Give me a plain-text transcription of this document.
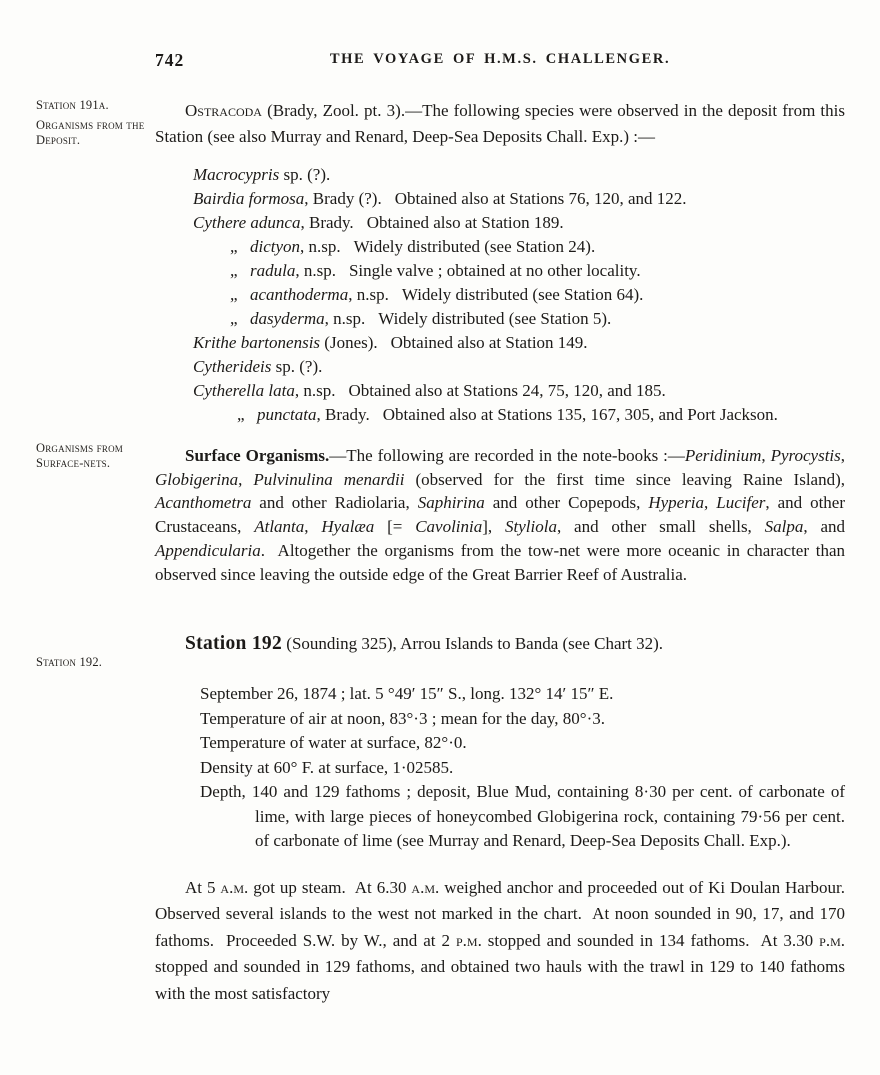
Station 191a.
Organisms from the Deposit.
Organisms from Surface-nets.
Station 192.
742	THE VOYAGE OF H.M.S. CHALLENGER.
Ostracoda (Brady, Zool. pt. 3).—The following species were observed in the deposit from this Station (see also Murray and Renard, Deep-Sea Deposits Chall. Exp.) :—
Macrocypris sp. (?).
Bairdia formosa, Brady (?). Obtained also at Stations 76, 120, and 122.
Cythere adunca, Brady. Obtained also at Station 189.
„ dictyon, n.sp. Widely distributed (see Station 24).
„ radula, n.sp. Single valve ; obtained at no other locality.
„ acanthoderma, n.sp. Widely distributed (see Station 64).
„ dasyderma, n.sp. Widely distributed (see Station 5).
Krithe bartonensis (Jones). Obtained also at Station 149.
Cytherideis sp. (?).
Cytherella lata, n.sp. Obtained also at Stations 24, 75, 120, and 185.
„ punctata, Brady. Obtained also at Stations 135, 167, 305, and Port Jackson.
Surface Organisms.—The following are recorded in the note-books :—Peridinium, Pyrocystis, Globigerina, Pulvinulina menardii (observed for the first time since leaving Raine Island), Acanthometra and other Radiolaria, Saphirina and other Copepods, Hyperia, Lucifer, and other Crustaceans, Atlanta, Hyalæa [= Cavolinia], Styliola, and other small shells, Salpa, and Appendicularia.  Altogether the organisms from the tow-net were more oceanic in character than observed since leaving the outside edge of the Great Barrier Reef of Australia.
Station 192 (Sounding 325), Arrou Islands to Banda (see Chart 32).
September 26, 1874 ; lat. 5 °49′ 15″ S., long. 132° 14′ 15″ E.
Temperature of air at noon, 83°·3 ; mean for the day, 80°·3.
Temperature of water at surface, 82°·0.
Density at 60° F. at surface, 1·02585.
Depth, 140 and 129 fathoms ; deposit, Blue Mud, containing 8·30 per cent. of carbonate of lime, with large pieces of honeycombed Globigerina rock, containing 79·56 per cent. of carbonate of lime (see Murray and Renard, Deep-Sea Deposits Chall. Exp.).
At 5 a.m. got up steam.  At 6.30 a.m. weighed anchor and proceeded out of Ki Doulan Harbour.  Observed several islands to the west not marked in the chart.  At noon sounded in 90, 17, and 170 fathoms.  Proceeded S.W. by W., and at 2 p.m. stopped and sounded in 134 fathoms.  At 3.30 p.m. stopped and sounded in 129 fathoms, and obtained two hauls with the trawl in 129 to 140 fathoms with the most satisfactory
